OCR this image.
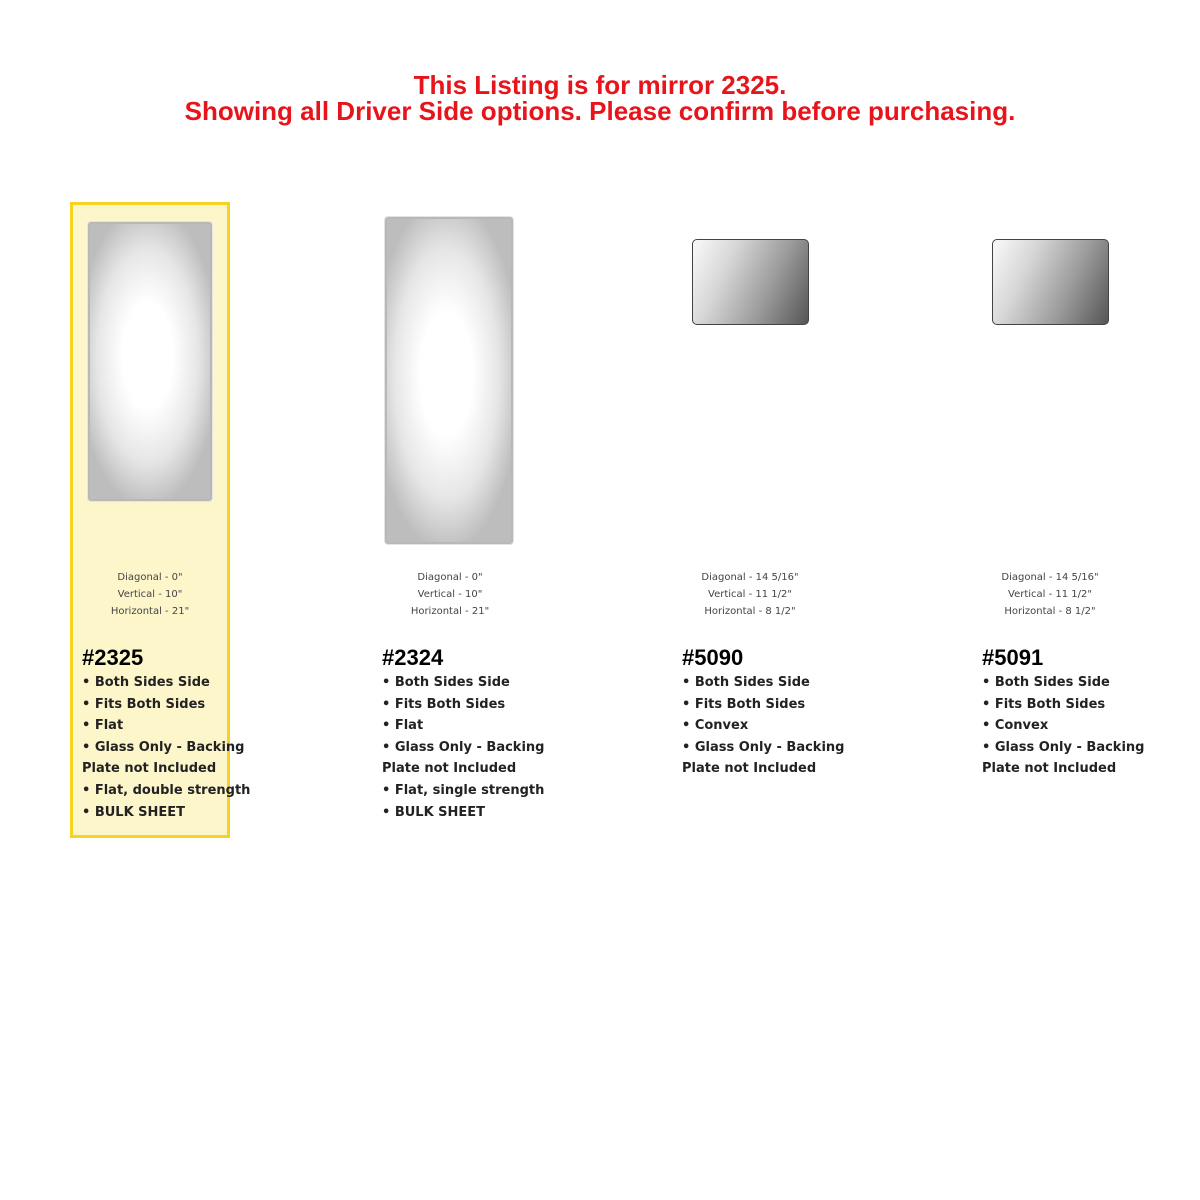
This Listing is for mirror 2325.
Showing all Driver Side options. Please confirm before purchasing.
Diagonal - 0"
Vertical - 10"
Horizontal - 21"
#2325
• Both Sides Side
• Fits Both Sides
• Flat
• Glass Only - Backing
Plate not Included
• Flat, double strength
• BULK SHEET
Diagonal - 0"
Vertical - 10"
Horizontal - 21"
#2324
• Both Sides Side
• Fits Both Sides
• Flat
• Glass Only - Backing
Plate not Included
• Flat, single strength
• BULK SHEET
Diagonal - 14 5/16"
Vertical - 11 1/2"
Horizontal - 8 1/2"
#5090
• Both Sides Side
• Fits Both Sides
• Convex
• Glass Only - Backing
Plate not Included
Diagonal - 14 5/16"
Vertical - 11 1/2"
Horizontal - 8 1/2"
#5091
• Both Sides Side
• Fits Both Sides
• Convex
• Glass Only - Backing
Plate not Included
